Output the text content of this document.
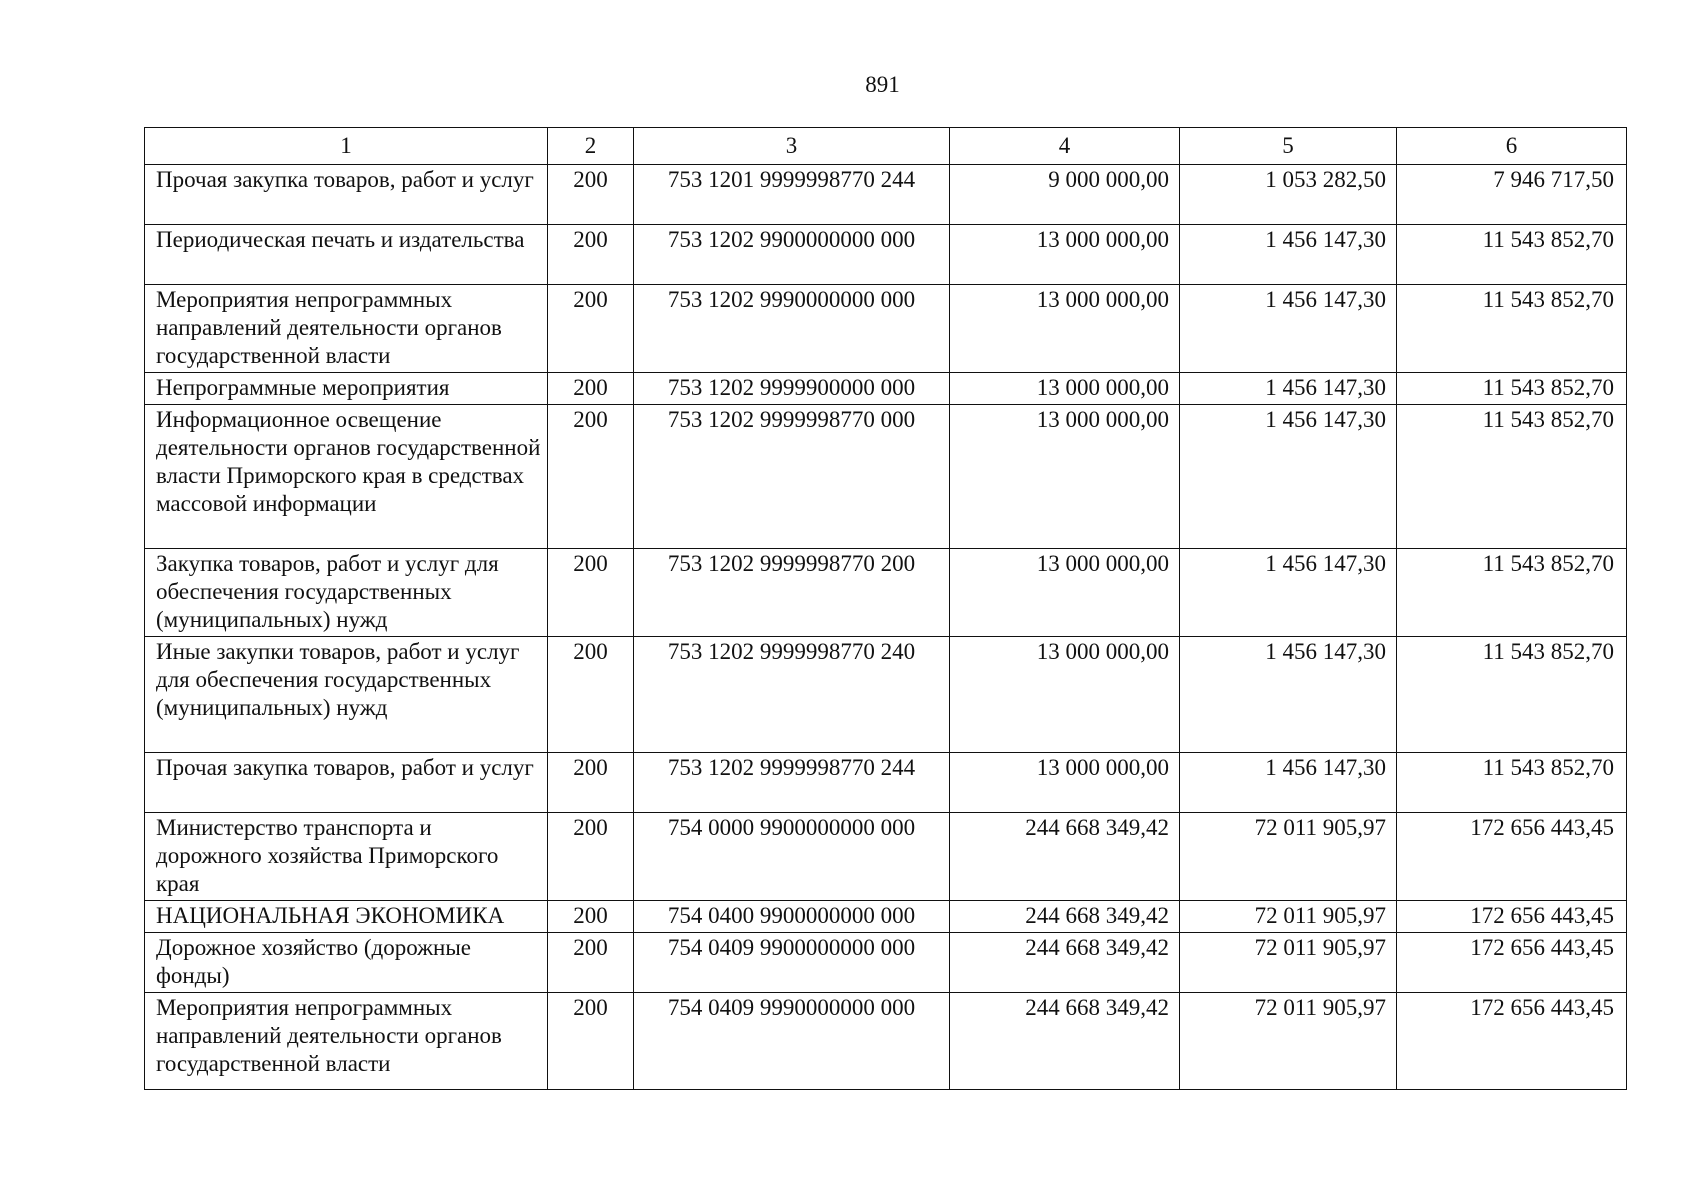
891
1	2	3	4	5	6
Прочая закупка товаров, работ и услуг	200	753 1201 9999998770 244	9 000 000,00	1 053 282,50	7 946 717,50
Периодическая печать и издательства	200	753 1202 9900000000 000	13 000 000,00	1 456 147,30	11 543 852,70
Мероприятия непрограммных направлений деятельности органов государственной власти	200	753 1202 9990000000 000	13 000 000,00	1 456 147,30	11 543 852,70
Непрограммные мероприятия	200	753 1202 9999900000 000	13 000 000,00	1 456 147,30	11 543 852,70
Информационное освещение деятельности органов государственной власти Приморского края в средствах массовой информации	200	753 1202 9999998770 000	13 000 000,00	1 456 147,30	11 543 852,70
Закупка товаров, работ и услуг для обеспечения государственных (муниципальных) нужд	200	753 1202 9999998770 200	13 000 000,00	1 456 147,30	11 543 852,70
Иные закупки товаров, работ и услуг для обеспечения государственных (муниципальных) нужд	200	753 1202 9999998770 240	13 000 000,00	1 456 147,30	11 543 852,70
Прочая закупка товаров, работ и услуг	200	753 1202 9999998770 244	13 000 000,00	1 456 147,30	11 543 852,70
Министерство транспорта и дорожного хозяйства Приморского края	200	754 0000 9900000000 000	244 668 349,42	72 011 905,97	172 656 443,45
НАЦИОНАЛЬНАЯ ЭКОНОМИКА	200	754 0400 9900000000 000	244 668 349,42	72 011 905,97	172 656 443,45
Дорожное хозяйство (дорожные фонды)	200	754 0409 9900000000 000	244 668 349,42	72 011 905,97	172 656 443,45
Мероприятия непрограммных направлений деятельности органов государственной власти	200	754 0409 9990000000 000	244 668 349,42	72 011 905,97	172 656 443,45
